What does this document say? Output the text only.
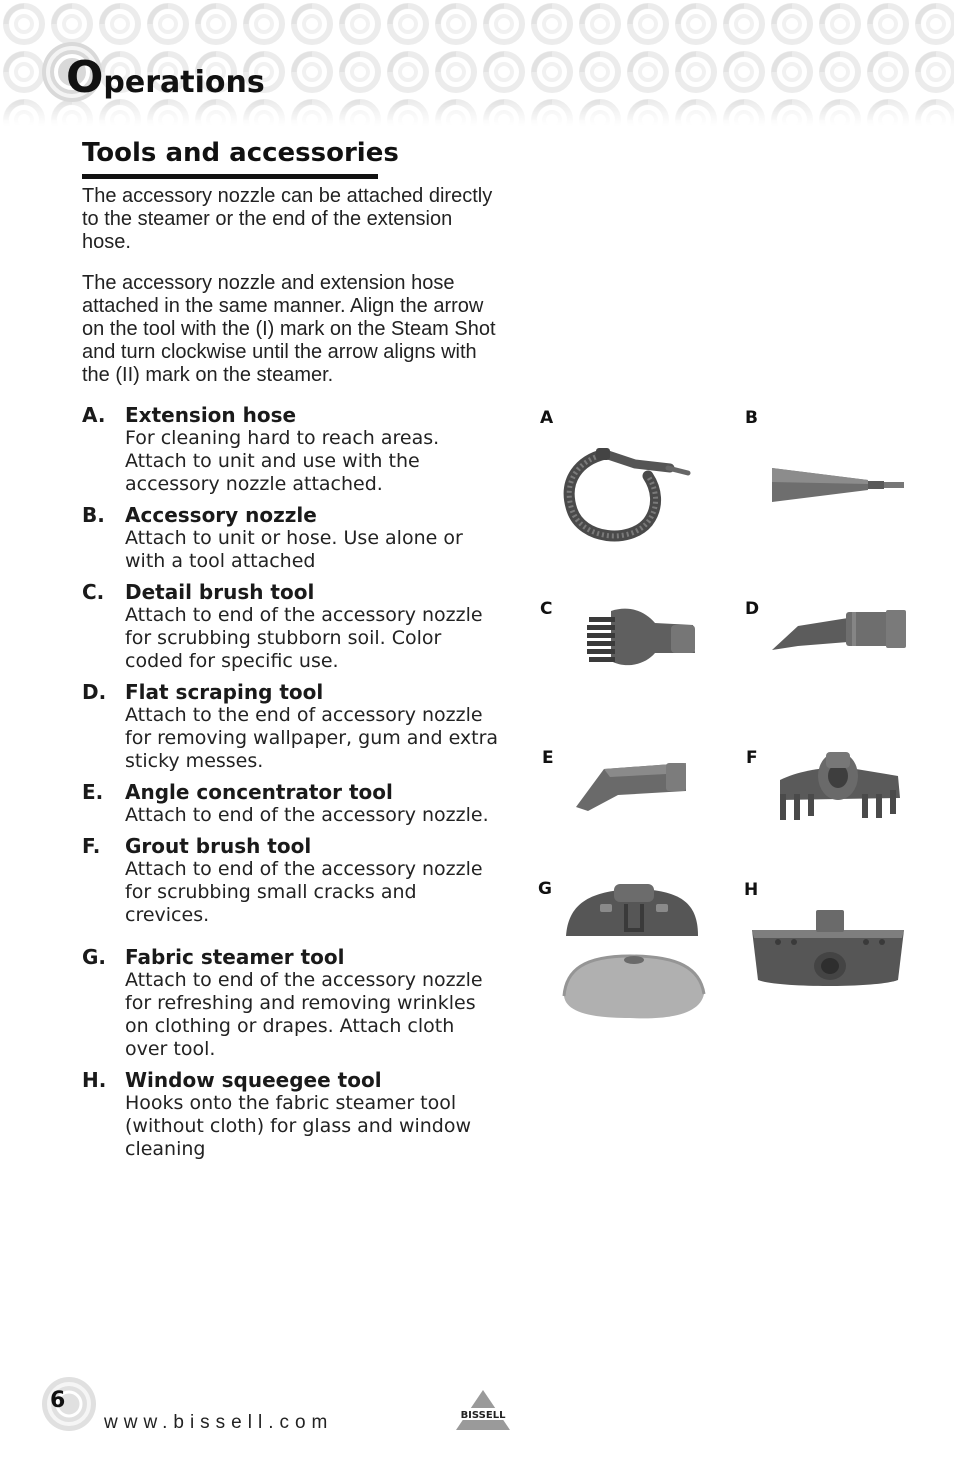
Operations
Tools and accessories

The accessory nozzle can be attached directly to the steamer or the end of the extension hose.

The accessory nozzle and extension hose attached in the same manner. Align the arrow on the tool with the (I) mark on the Steam Shot and turn clockwise until the arrow aligns with the (II) mark on the steamer.

A. Extension hose
For cleaning hard to reach areas. Attach to unit and use with the accessory nozzle attached.
B. Accessory nozzle
Attach to unit or hose. Use alone or with a tool attached
C. Detail brush tool
Attach to end of the accessory nozzle for scrubbing stubborn soil. Color coded for specific use.
D. Flat scraping tool
Attach to the end of accessory nozzle for removing wallpaper, gum and extra sticky messes.
E. Angle concentrator tool
Attach to end of the accessory nozzle.
F. Grout brush tool
Attach to end of the accessory nozzle for scrubbing small cracks and crevices.
G. Fabric steamer tool
Attach to end of the accessory nozzle for refreshing and removing wrinkles on clothing or drapes. Attach cloth over tool.
H. Window squeegee tool
Hooks onto the fabric steamer tool (without cloth) for glass and window cleaning
A	B
C	D
E	F
G	H
6
www.bissell.com	BISSELL
